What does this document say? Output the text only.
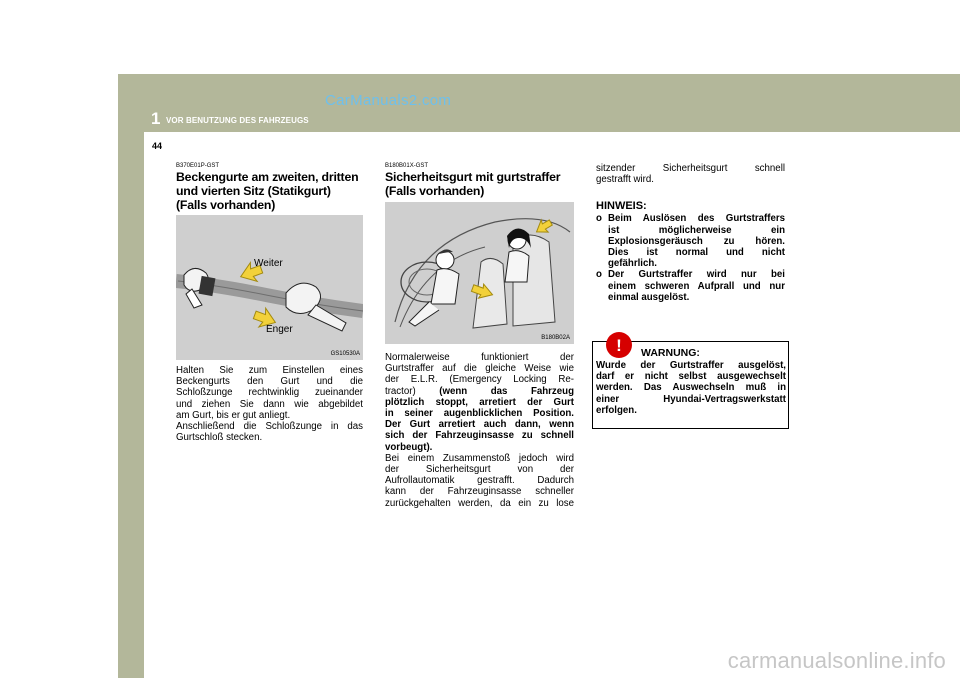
1 VOR BENUTZUNG DES FAHRZEUGS
CarManuals2.com
44
B370E01P-GST
Beckengurte am zweiten, dritten
und vierten Sitz (Statikgurt)
(Falls vorhanden)
Weiter
Enger
GS10530A

Halten Sie zum Einstellen eines
Beckengurts den Gurt und die
Schloßzunge rechtwinklig zueinander
und ziehen Sie dann wie abgebildet
am Gurt, bis er gut anliegt.
Anschließend die Schloßzunge in das
Gurtschloß stecken.

B180B01X-GST
Sicherheitsgurt mit gurtstraffer
(Falls vorhanden)
B180B02A

Normalerweise funktioniert der
Gurtstraffer auf die gleiche Weise wie
der E.L.R. (Emergency Locking Re-
tractor) (wenn das Fahrzeug
plötzlich stoppt, arretiert der Gurt
in seiner augenblicklichen Position.
Der Gurt arretiert auch dann, wenn
sich der Fahrzeuginsasse zu schnell
vorbeugt).
Bei einem Zusammenstoß jedoch wird
der Sicherheitsgurt von der
Aufrollautomatik gestrafft. Dadurch
kann der Fahrzeuginsasse schneller
zurückgehalten werden, da ein zu lose

sitzender Sicherheitsgurt schnell
gestrafft wird.

HINWEIS:
o Beim Auslösen des Gurtstraffers
ist möglicherweise ein
Explosionsgeräusch zu hören.
Dies ist normal und nicht
gefährlich.
o Der Gurtstraffer wird nur bei
einem schweren Aufprall und nur
einmal ausgelöst.
! WARNUNG:
Wurde der Gurtstraffer ausgelöst,
darf er nicht selbst ausgewechselt
werden. Das Auswechseln muß in
einer Hyundai-Vertragswerkstatt
erfolgen.
carmanualsonline.info
